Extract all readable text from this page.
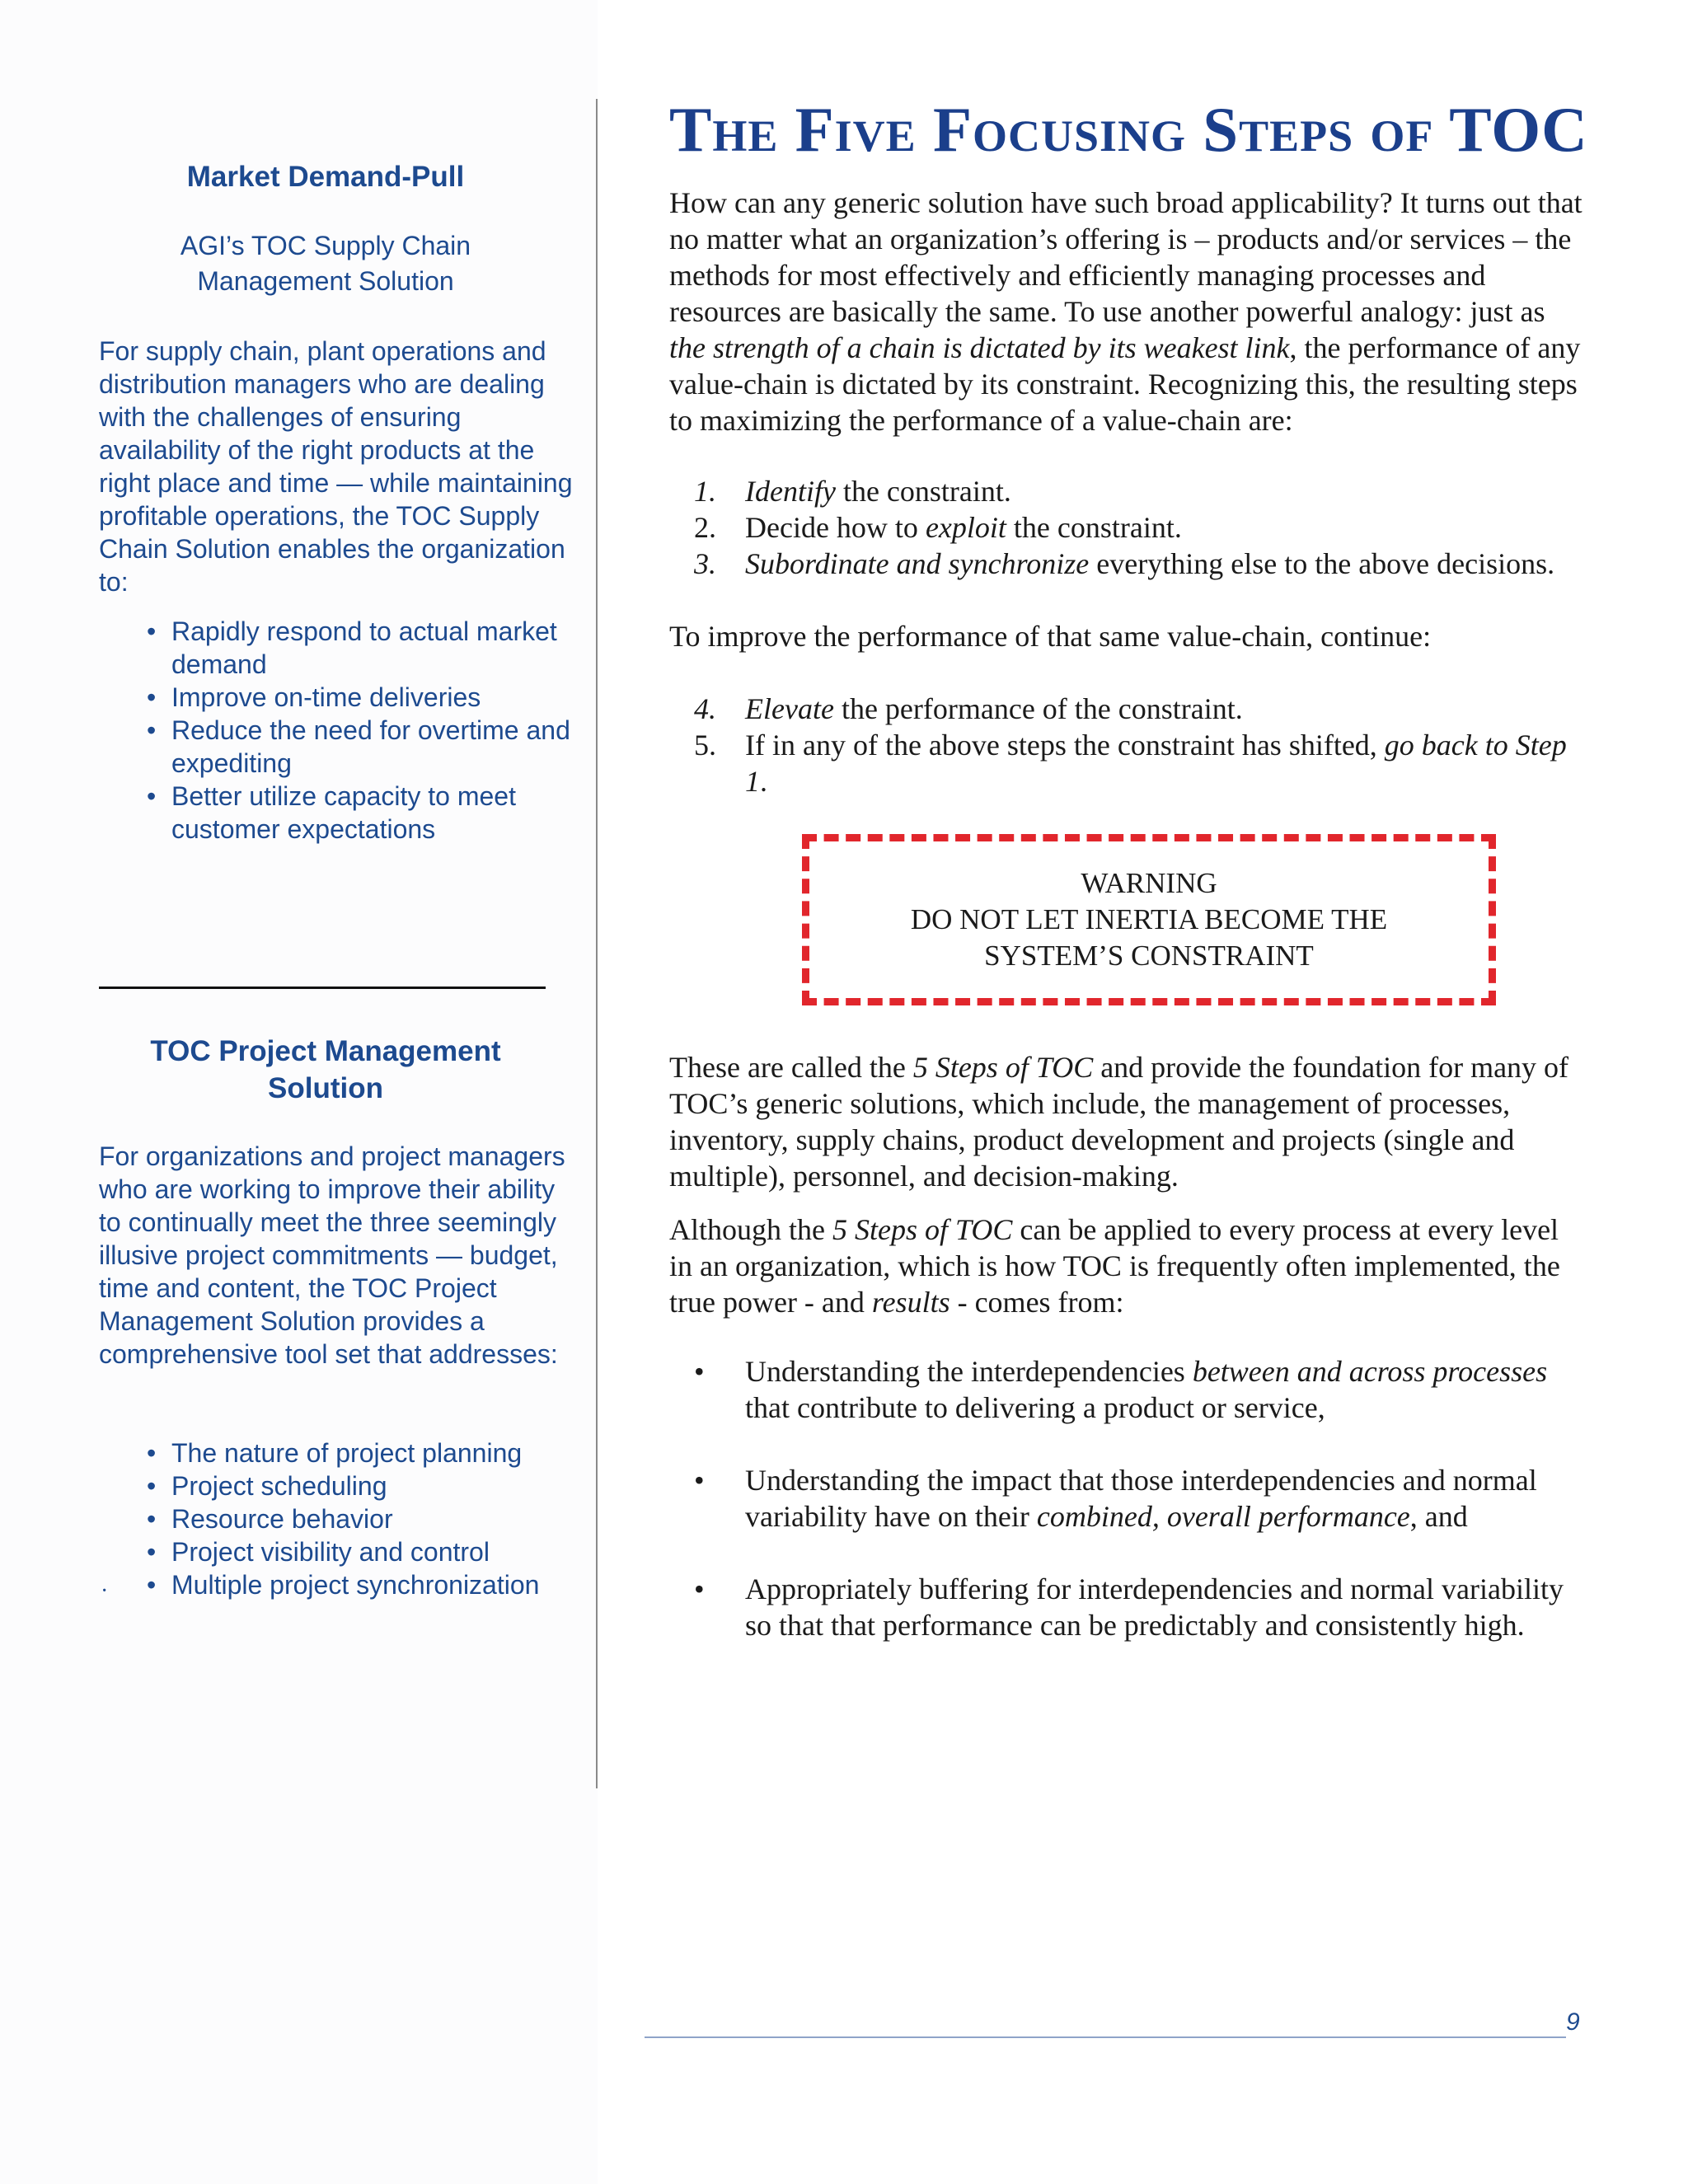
Market Demand-Pull

AGI’s TOC Supply Chain
Management Solution

For supply chain, plant operations and distribution managers who are dealing with the challenges of ensuring availability of the right products at the right place and time — while maintaining profitable operations, the TOC Supply Chain Solution enables the organization to:

• Rapidly respond to actual market demand
• Improve on-time deliveries
• Reduce the need for overtime and expediting
• Better utilize capacity to meet customer expectations
TOC Project Management
Solution

For organizations and project managers who are working to improve their ability to continually meet the three seemingly illusive project commitments — budget, time and content, the TOC Project Management Solution provides a comprehensive tool set that addresses:

• The nature of project planning
• Project scheduling
• Resource behavior
• Project visibility and control
• Multiple project synchronization
·
The Five Focusing Steps of TOC

How can any generic solution have such broad applicability? It turns out that no matter what an organization’s offering is – products and/or services – the methods for most effectively and efficiently managing processes and resources are basically the same. To use another powerful analogy: just as the strength of a chain is dictated by its weakest link, the performance of any value-chain is dictated by its constraint. Recognizing this, the resulting steps to maximizing the performance of a value-chain are:

1. Identify the constraint.
2. Decide how to exploit the constraint.
3. Subordinate and synchronize everything else to the above decisions.

To improve the performance of that same value-chain, continue:

4. Elevate the performance of the constraint.
5. If in any of the above steps the constraint has shifted, go back to Step 1.
WARNING
DO NOT LET INERTIA BECOME THE
SYSTEM’S CONSTRAINT

These are called the 5 Steps of TOC and provide the foundation for many of TOC’s generic solutions, which include, the management of processes, inventory, supply chains, product development and projects (single and multiple), personnel, and decision-making.

Although the 5 Steps of TOC can be applied to every process at every level in an organization, which is how TOC is frequently often implemented, the true power - and results - comes from:

• Understanding the interdependencies between and across processes that contribute to delivering a product or service,
• Understanding the impact that those interdependencies and normal variability have on their combined, overall performance, and
• Appropriately buffering for interdependencies and normal variability so that that performance can be predictably and consistently high.
9
